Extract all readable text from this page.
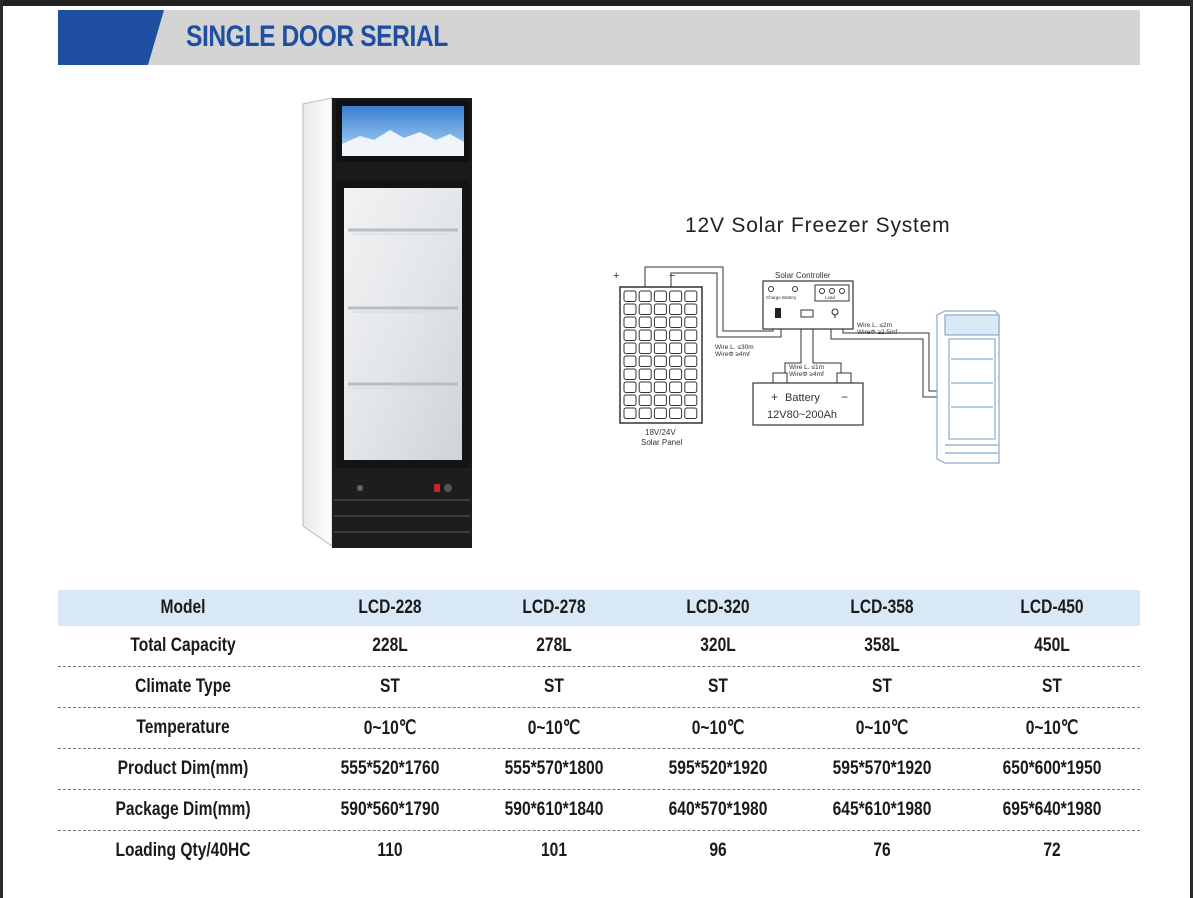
SINGLE DOOR SERIAL
12V Solar Freezer System
+	−
18V/24V
Solar Panel
Wire L. ≤30m
WireΦ ≥4mf
Solar Controller
Charge Battery	Load
Wire L. ≤1m
WireΦ ≥4mf
+ Battery −
12V80~200Ah
Wire L. ≤2m
WireΦ ≥2.5mf
Model	LCD-228	LCD-278	LCD-320	LCD-358	LCD-450
Total Capacity	228L	278L	320L	358L	450L
Climate Type	ST	ST	ST	ST	ST
Temperature	0~10℃	0~10℃	0~10℃	0~10℃	0~10℃
Product Dim(mm)	555*520*1760	555*570*1800	595*520*1920	595*570*1920	650*600*1950
Package Dim(mm)	590*560*1790	590*610*1840	640*570*1980	645*610*1980	695*640*1980
Loading Qty/40HC	110	101	96	76	72
